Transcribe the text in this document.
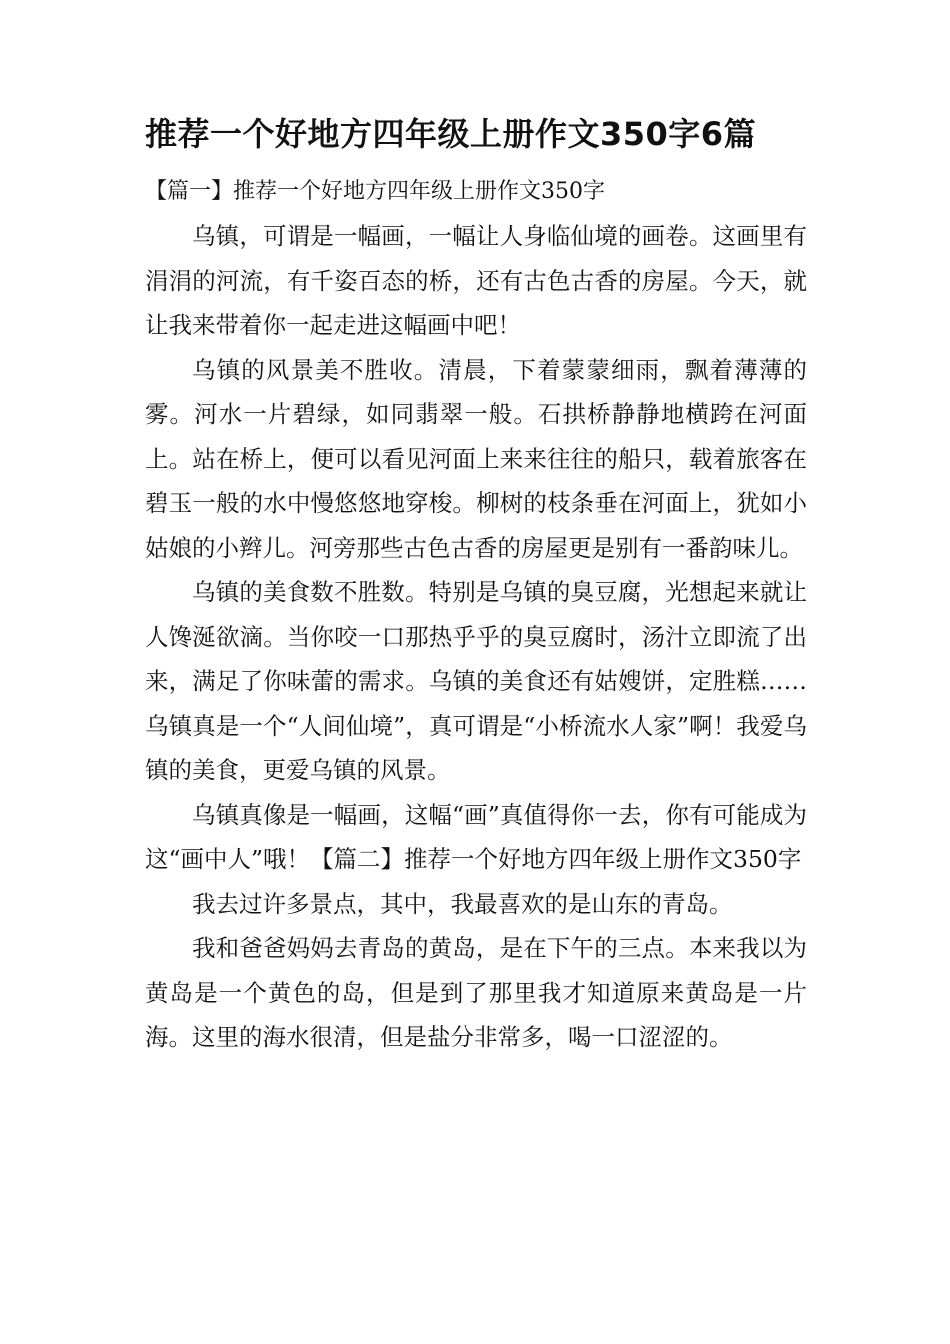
推荐一个好地方四年级上册作文350字6篇

【篇一】推荐一个好地方四年级上册作文350字

乌镇，可谓是一幅画，一幅让人身临仙境的画卷。这画里有涓涓的河流，有千姿百态的桥，还有古色古香的房屋。今天，就让我来带着你一起走进这幅画中吧！

乌镇的风景美不胜收。清晨，下着蒙蒙细雨，飘着薄薄的雾。河水一片碧绿，如同翡翠一般。石拱桥静静地横跨在河面上。站在桥上，便可以看见河面上来来往往的船只，载着旅客在碧玉一般的水中慢悠悠地穿梭。柳树的枝条垂在河面上，犹如小姑娘的小辫儿。河旁那些古色古香的房屋更是别有一番韵味儿。

乌镇的美食数不胜数。特别是乌镇的臭豆腐，光想起来就让人馋涎欲滴。当你咬一口那热乎乎的臭豆腐时，汤汁立即流了出来，满足了你味蕾的需求。乌镇的美食还有姑嫂饼，定胜糕……乌镇真是一个“人间仙境”，真可谓是“小桥流水人家”啊！我爱乌镇的美食，更爱乌镇的风景。

乌镇真像是一幅画，这幅“画”真值得你一去，你有可能成为这“画中人”哦！【篇二】推荐一个好地方四年级上册作文350字

我去过许多景点，其中，我最喜欢的是山东的青岛。

我和爸爸妈妈去青岛的黄岛，是在下午的三点。本来我以为黄岛是一个黄色的岛，但是到了那里我才知道原来黄岛是一片海。这里的海水很清，但是盐分非常多，喝一口涩涩的。
